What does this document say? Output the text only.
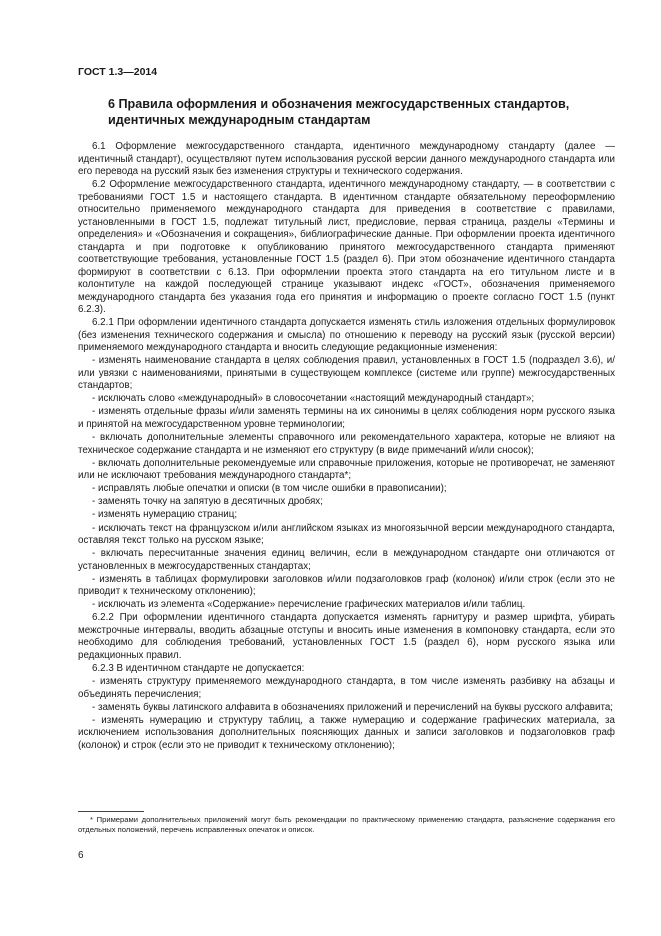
ГОСТ 1.3—2014
6 Правила оформления и обозначения межгосударственных стандартов, идентичных международным стандартам

6.1 Оформление межгосударственного стандарта, идентичного международному стандарту (далее — идентичный стандарт), осуществляют путем использования русской версии данного международного стандарта или его перевода на русский язык без изменения структуры и технического содержания.

6.2 Оформление межгосударственного стандарта, идентичного международному стандарту, — в соответствии с требованиями ГОСТ 1.5 и настоящего стандарта. В идентичном стандарте обязательному переоформлению относительно применяемого международного стандарта для приведения в соответствие с правилами, установленными в ГОСТ 1.5, подлежат титульный лист, предисловие, первая страница, разделы «Термины и определения» и «Обозначения и сокращения», библиографические данные. При оформлении проекта идентичного стандарта и при подготовке к опубликованию принятого межгосударственного стандарта применяют соответствующие требования, установленные ГОСТ 1.5 (раздел 6). При этом обозначение идентичного стандарта формируют в соответствии с 6.13. При оформлении проекта этого стандарта на его титульном листе и в колонтитуле на каждой последующей странице указывают индекс «ГОСТ», обозначения применяемого международного стандарта без указания года его принятия и информацию о проекте согласно ГОСТ 1.5 (пункт 6.2.3).

6.2.1 При оформлении идентичного стандарта допускается изменять стиль изложения отдельных формулировок (без изменения технического содержания и смысла) по отношению к переводу на русский язык (русской версии) применяемого международного стандарта и вносить следующие редакционные изменения:

- изменять наименование стандарта в целях соблюдения правил, установленных в ГОСТ 1.5 (подраздел 3.6), и/или увязки с наименованиями, принятыми в существующем комплексе (системе или группе) межгосударственных стандартов;

- исключать слово «международный» в словосочетании «настоящий международный стандарт»;

- изменять отдельные фразы и/или заменять термины на их синонимы в целях соблюдения норм русского языка и принятой на межгосударственном уровне терминологии;

- включать дополнительные элементы справочного или рекомендательного характера, которые не влияют на техническое содержание стандарта и не изменяют его структуру (в виде примечаний и/или сносок);

- включать дополнительные рекомендуемые или справочные приложения, которые не противоречат, не заменяют или не исключают требования международного стандарта*;

- исправлять любые опечатки и описки (в том числе ошибки в правописании);

- заменять точку на запятую в десятичных дробях;

- изменять нумерацию страниц;

- исключать текст на французском и/или английском языках из многоязычной версии международного стандарта, оставляя текст только на русском языке;

- включать пересчитанные значения единиц величин, если в международном стандарте они отличаются от установленных в межгосударственных стандартах;

- изменять в таблицах формулировки заголовков и/или подзаголовков граф (колонок) и/или строк (если это не приводит к техническому отклонению);

- исключать из элемента «Содержание» перечисление графических материалов и/или таблиц.

6.2.2 При оформлении идентичного стандарта допускается изменять гарнитуру и размер шрифта, убирать межстрочные интервалы, вводить абзацные отступы и вносить иные изменения в компоновку стандарта, если это необходимо для соблюдения требований, установленных ГОСТ 1.5 (раздел 6), норм русского языка или редакционных правил.

6.2.3 В идентичном стандарте не допускается:

- изменять структуру применяемого международного стандарта, в том числе изменять разбивку на абзацы и объединять перечисления;

- заменять буквы латинского алфавита в обозначениях приложений и перечислений на буквы русского алфавита;

- изменять нумерацию и структуру таблиц, а также нумерацию и содержание графических материала, за исключением использования дополнительных поясняющих данных и записи заголовков и подзаголовков граф (колонок) и строк (если это не приводит к техническому отклонению);

* Примерами дополнительных приложений могут быть рекомендации по практическому применению стандарта, разъяснение содержания его отдельных положений, перечень исправленных опечаток и описок.
6
